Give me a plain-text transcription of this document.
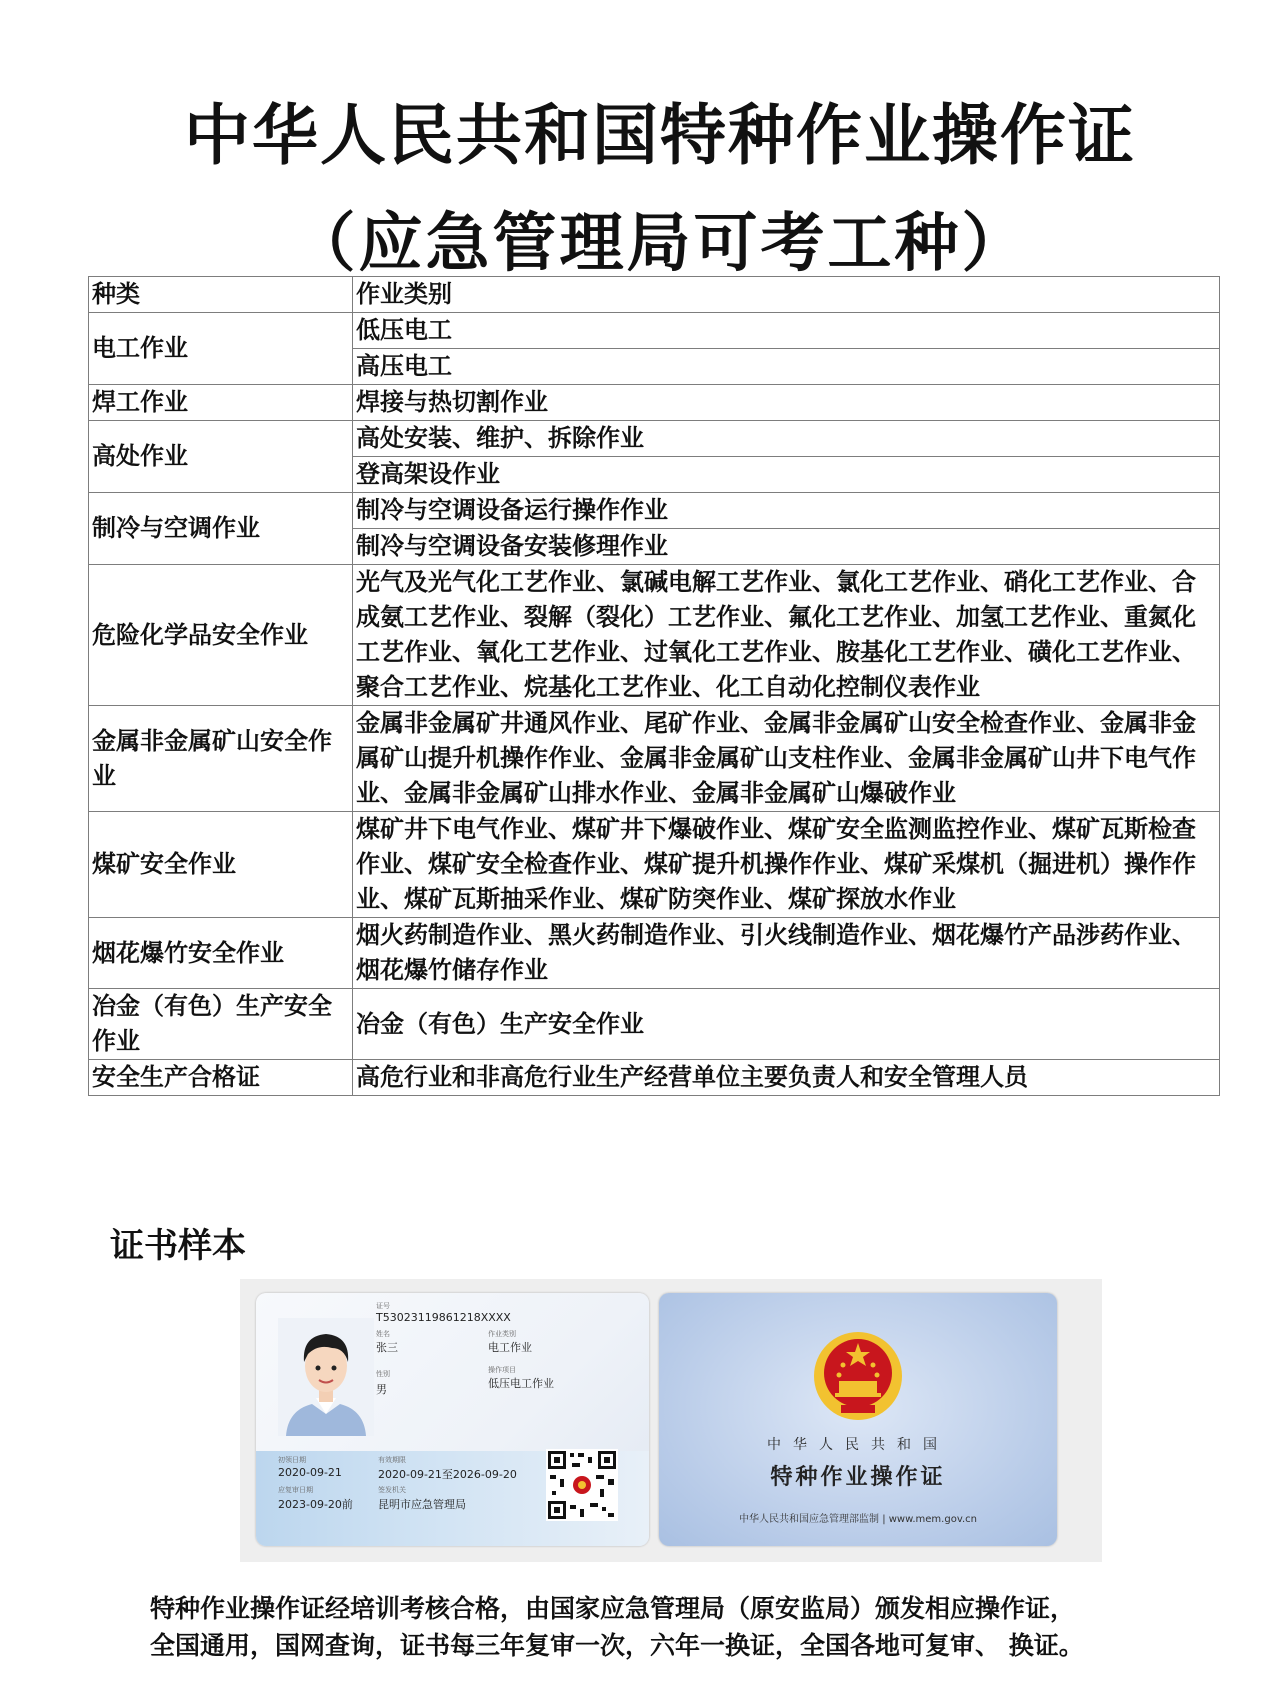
中华人民共和国特种作业操作证
（应急管理局可考工种）
种类	作业类别
电工作业	低压电工
	高压电工
焊工作业	焊接与热切割作业
高处作业	高处安装、维护、拆除作业
	登高架设作业
制冷与空调作业	制冷与空调设备运行操作作业
	制冷与空调设备安装修理作业
危险化学品安全作业	光气及光气化工艺作业、氯碱电解工艺作业、氯化工艺作业、硝化工艺作业、合成氨工艺作业、裂解（裂化）工艺作业、氟化工艺作业、加氢工艺作业、重氮化工艺作业、氧化工艺作业、过氧化工艺作业、胺基化工艺作业、磺化工艺作业、聚合工艺作业、烷基化工艺作业、化工自动化控制仪表作业
金属非金属矿山安全作业	金属非金属矿井通风作业、尾矿作业、金属非金属矿山安全检查作业、金属非金属矿山提升机操作作业、金属非金属矿山支柱作业、金属非金属矿山井下电气作业、金属非金属矿山排水作业、金属非金属矿山爆破作业
煤矿安全作业	煤矿井下电气作业、煤矿井下爆破作业、煤矿安全监测监控作业、煤矿瓦斯检查作业、煤矿安全检查作业、煤矿提升机操作作业、煤矿采煤机（掘进机）操作作业、煤矿瓦斯抽采作业、煤矿防突作业、煤矿探放水作业
烟花爆竹安全作业	烟火药制造作业、黑火药制造作业、引火线制造作业、烟花爆竹产品涉药作业、烟花爆竹储存作业
冶金（有色）生产安全作业	冶金（有色）生产安全作业
安全生产合格证	高危行业和非高危行业生产经营单位主要负责人和安全管理人员
证书样本
证号
T53023119861218XXXX
姓名
张三
作业类别
电工作业
性别
男
操作项目
低压电工作业
初领日期
2020-09-21
有效期限
2020-09-21至2026-09-20
应复审日期
2023-09-20前
签发机关
昆明市应急管理局
中华人民共和国
特种作业操作证
中华人民共和国应急管理部监制 | www.mem.gov.cn
特种作业操作证经培训考核合格，由国家应急管理局（原安监局）颁发相应操作证，
全国通用，国网查询，证书每三年复审一次，六年一换证，全国各地可复审、 换证。
